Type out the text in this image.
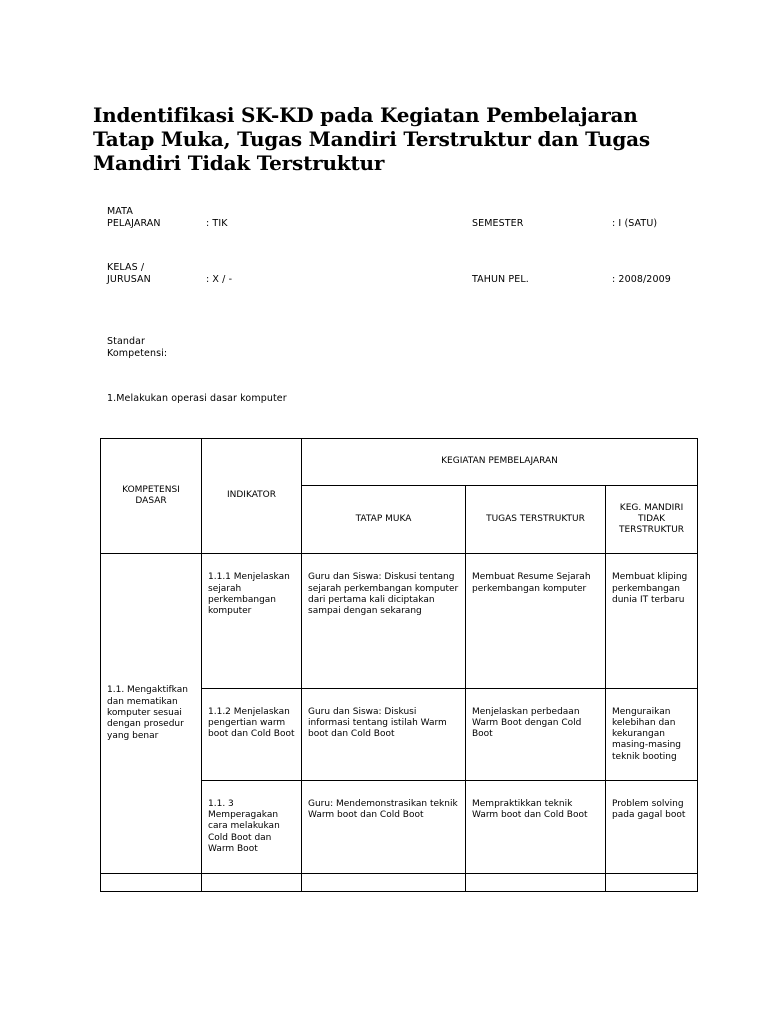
Indentifikasi SK-KD pada Kegiatan Pembelajaran Tatap Muka, Tugas Mandiri Terstruktur dan Tugas Mandiri Tidak Terstruktur
MATA
PELAJARAN	: TIK	SEMESTER	: I (SATU)
KELAS /
JURUSAN	: X / -	TAHUN PEL.	: 2008/2009
Standar
Kompetensi:
1.Melakukan operasi dasar komputer
KOMPETENSI
DASAR	INDIKATOR	KEGIATAN PEMBELAJARAN		
		TATAP MUKA	TUGAS TERSTRUKTUR	KEG. MANDIRI
TIDAK
TERSTRUKTUR

1.1. Mengaktifkan dan mematikan komputer sesuai dengan prosedur yang benar	1.1.1 Menjelaskan sejarah perkembangan komputer	Guru dan Siswa: Diskusi tentang sejarah perkembangan komputer dari pertama kali diciptakan sampai dengan sekarang	Membuat Resume Sejarah perkembangan komputer	Membuat kliping perkembangan dunia IT terbaru
	1.1.2 Menjelaskan pengertian warm boot dan Cold Boot	Guru dan Siswa: Diskusi informasi tentang istilah Warm boot dan Cold Boot	Menjelaskan perbedaan Warm Boot dengan Cold Boot	Menguraikan kelebihan dan kekurangan masing-masing teknik booting
	1.1. 3 Memperagakan cara melakukan Cold Boot dan Warm Boot	Guru: Mendemonstrasikan teknik Warm boot dan Cold Boot	Mempraktikkan teknik Warm boot dan Cold Boot	Problem solving pada gagal boot
